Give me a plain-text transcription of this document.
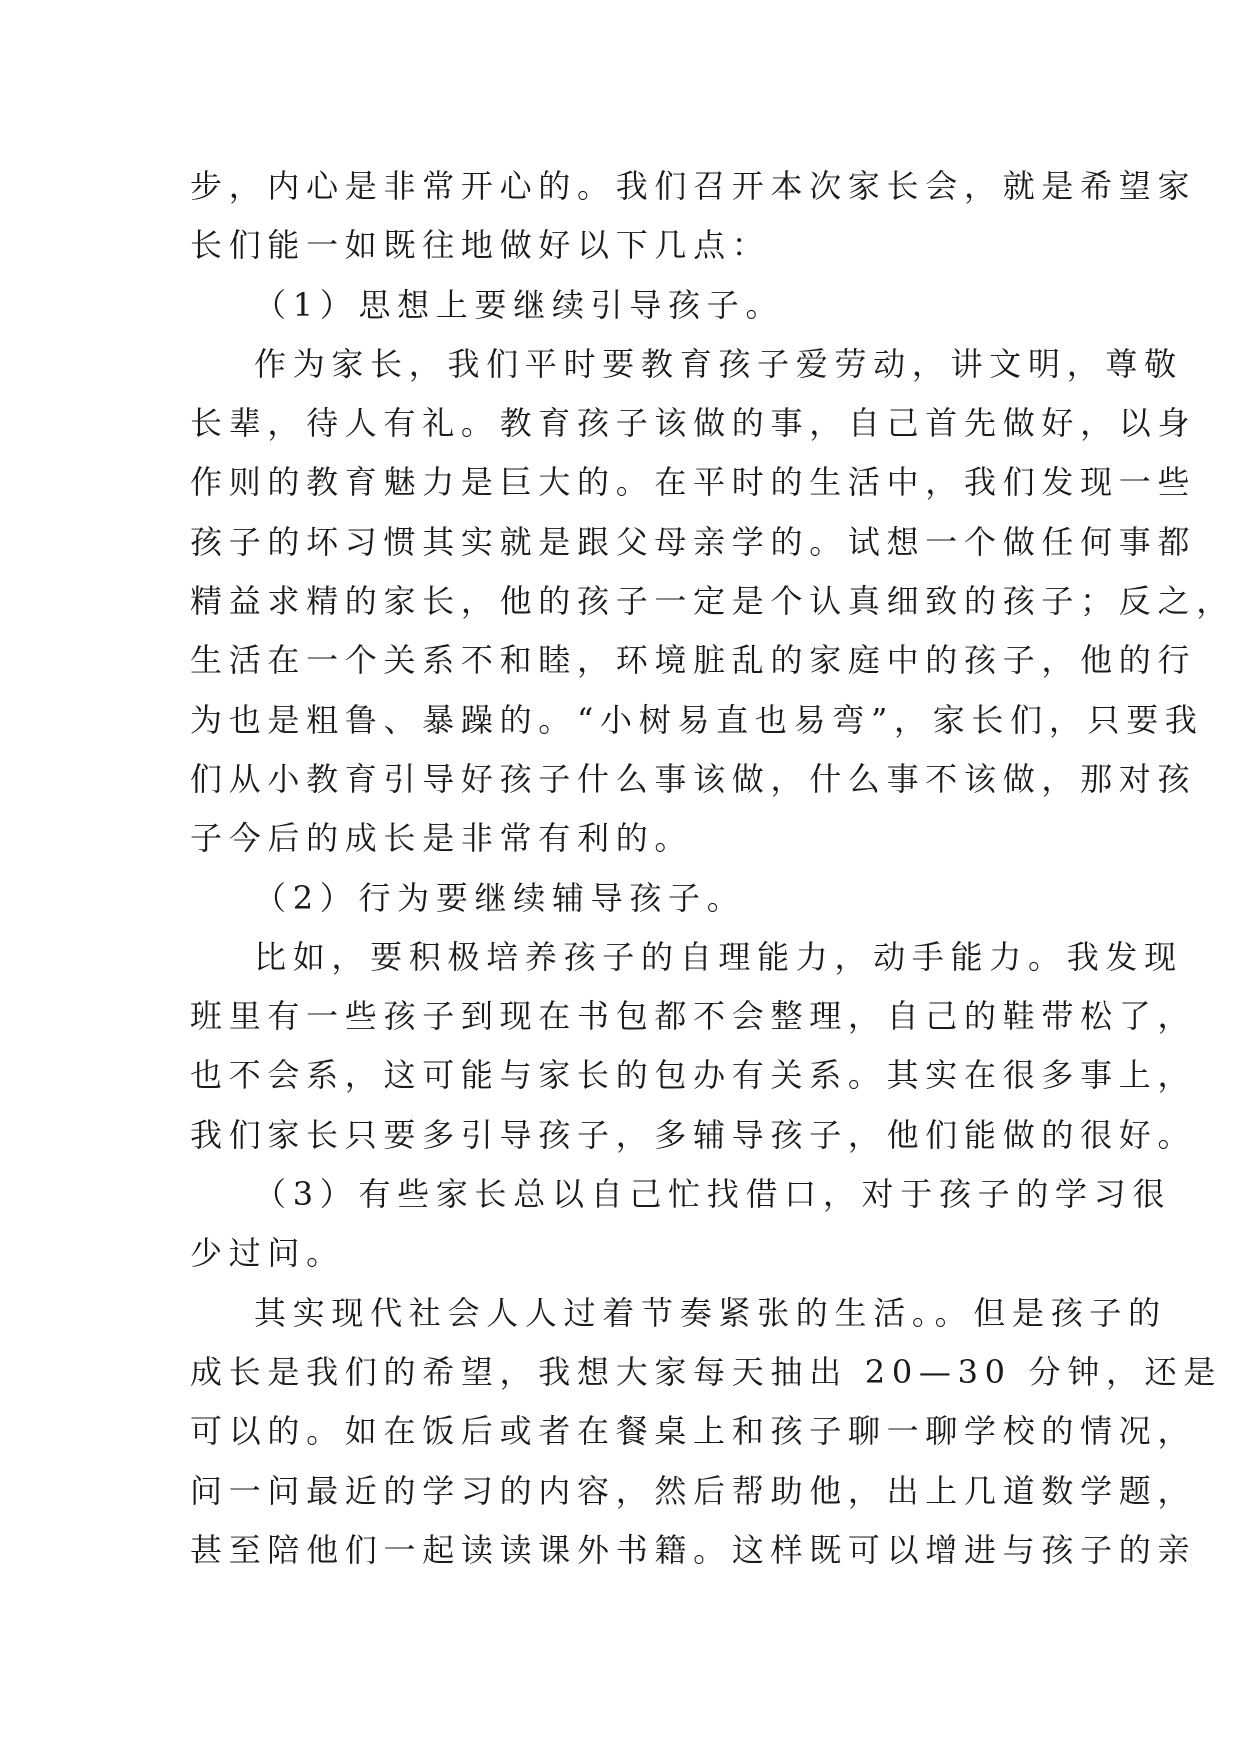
步，内心是非常开心的。我们召开本次家长会，就是希望家
长们能一如既往地做好以下几点：
（1）思想上要继续引导孩子。
作为家长，我们平时要教育孩子爱劳动，讲文明，尊敬
长辈，待人有礼。教育孩子该做的事，自己首先做好，以身
作则的教育魅力是巨大的。在平时的生活中，我们发现一些
孩子的坏习惯其实就是跟父母亲学的。试想一个做任何事都
精益求精的家长，他的孩子一定是个认真细致的孩子；反之，
生活在一个关系不和睦，环境脏乱的家庭中的孩子，他的行
为也是粗鲁、暴躁的。“小树易直也易弯”，家长们，只要我
们从小教育引导好孩子什么事该做，什么事不该做，那对孩
子今后的成长是非常有利的。
（2）行为要继续辅导孩子。
比如，要积极培养孩子的自理能力，动手能力。我发现
班里有一些孩子到现在书包都不会整理，自己的鞋带松了，
也不会系，这可能与家长的包办有关系。其实在很多事上，
我们家长只要多引导孩子，多辅导孩子，他们能做的很好。
（3）有些家长总以自己忙找借口，对于孩子的学习很
少过问。
其实现代社会人人过着节奏紧张的生活。。但是孩子的
成长是我们的希望，我想大家每天抽出 20—30 分钟，还是
可以的。如在饭后或者在餐桌上和孩子聊一聊学校的情况，
问一问最近的学习的内容，然后帮助他，出上几道数学题，
甚至陪他们一起读读课外书籍。这样既可以增进与孩子的亲
